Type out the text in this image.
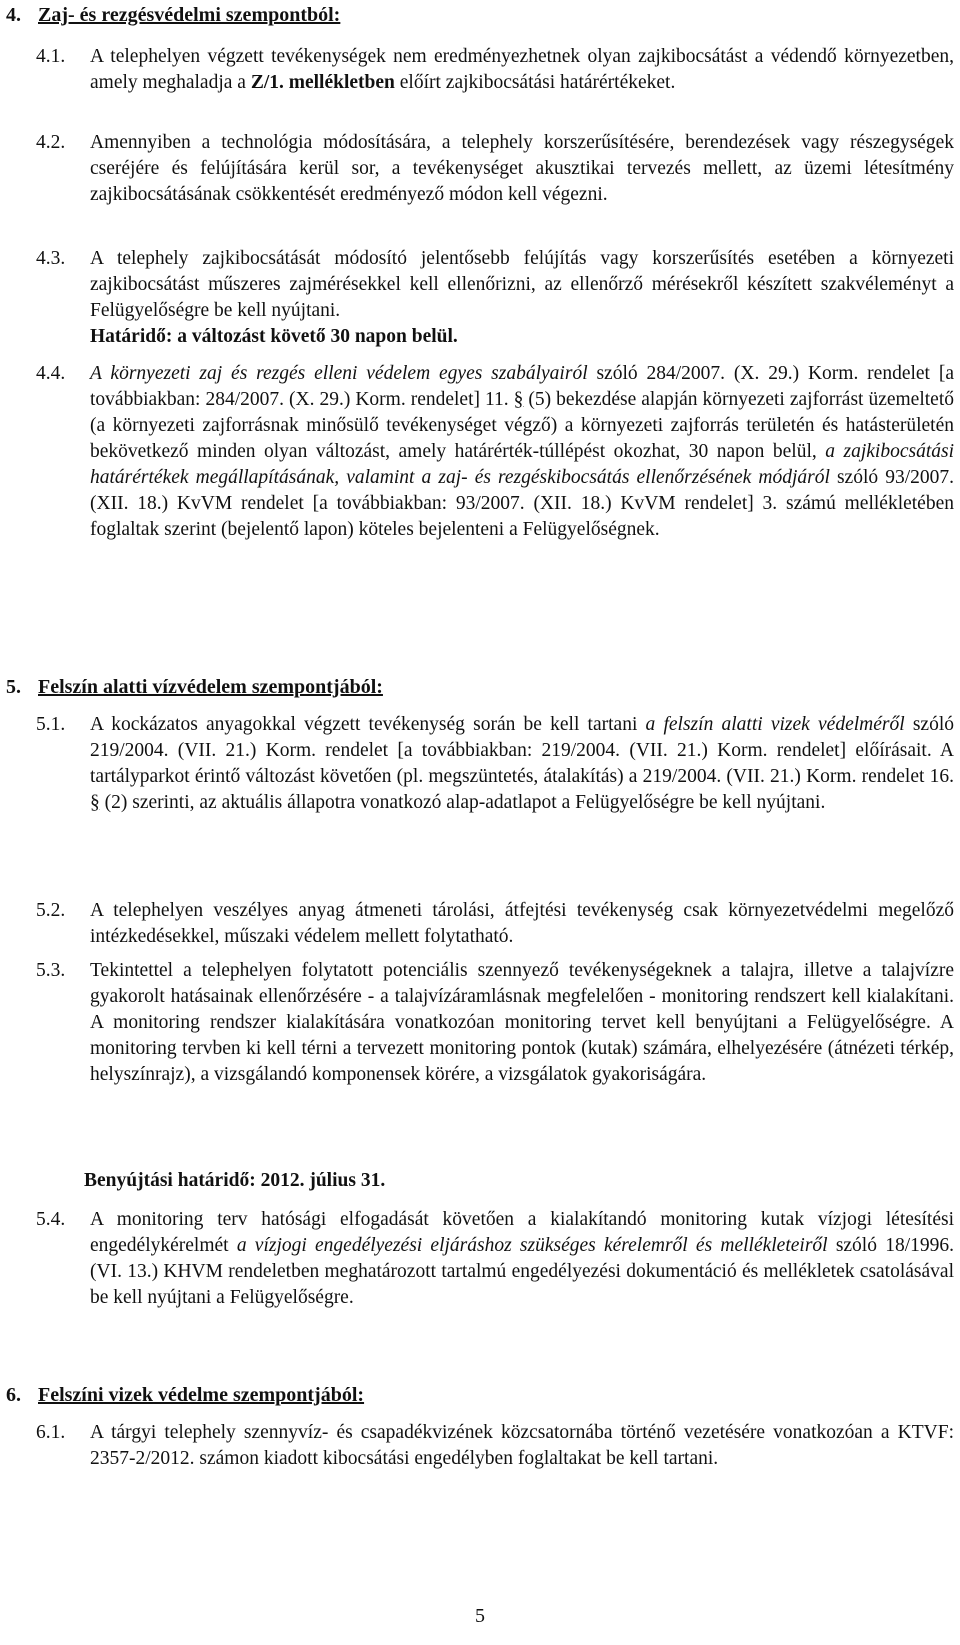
4. Zaj- és rezgésvédelmi szempontból:
4.1. A telephelyen végzett tevékenységek nem eredményezhetnek olyan zajkibocsátást a védendő környezetben, amely meghaladja a Z/1. mellékletben előírt zajkibocsátási határértékeket.
4.2. Amennyiben a technológia módosítására, a telephely korszerűsítésére, berendezések vagy részegységek cseréjére és felújítására kerül sor, a tevékenységet akusztikai tervezés mellett, az üzemi létesítmény zajkibocsátásának csökkentését eredményező módon kell végezni.
4.3. A telephely zajkibocsátását módosító jelentősebb felújítás vagy korszerűsítés esetében a környezeti zajkibocsátást műszeres zajmérésekkel kell ellenőrizni, az ellenőrző mérésekről készített szakvéleményt a Felügyelőségre be kell nyújtani.
Határidő: a változást követő 30 napon belül.
4.4. A környezeti zaj és rezgés elleni védelem egyes szabályairól szóló 284/2007. (X. 29.) Korm. rendelet [a továbbiakban: 284/2007. (X. 29.) Korm. rendelet] 11. § (5) bekezdése alapján környezeti zajforrást üzemeltető (a környezeti zajforrásnak minősülő tevékenységet végző) a környezeti zajforrás területén és hatásterületén bekövetkező minden olyan változást, amely határérték-túllépést okozhat, 30 napon belül, a zajkibocsátási határértékek megállapításának, valamint a zaj- és rezgéskibocsátás ellenőrzésének módjáról szóló 93/2007. (XII. 18.) KvVM rendelet [a továbbiakban: 93/2007. (XII. 18.) KvVM rendelet] 3. számú mellékletében foglaltak szerint (bejelentő lapon) köteles bejelenteni a Felügyelőségnek.
5. Felszín alatti vízvédelem szempontjából:
5.1. A kockázatos anyagokkal végzett tevékenység során be kell tartani a felszín alatti vizek védelméről szóló 219/2004. (VII. 21.) Korm. rendelet [a továbbiakban: 219/2004. (VII. 21.) Korm. rendelet] előírásait. A tartályparkot érintő változást követően (pl. megszüntetés, átalakítás) a 219/2004. (VII. 21.) Korm. rendelet 16. § (2) szerinti, az aktuális állapotra vonatkozó alap-adatlapot a Felügyelőségre be kell nyújtani.
5.2. A telephelyen veszélyes anyag átmeneti tárolási, átfejtési tevékenység csak környezetvédelmi megelőző intézkedésekkel, műszaki védelem mellett folytatható.
5.3. Tekintettel a telephelyen folytatott potenciális szennyező tevékenységeknek a talajra, illetve a talajvízre gyakorolt hatásainak ellenőrzésére - a talajvízáramlásnak megfelelően - monitoring rendszert kell kialakítani. A monitoring rendszer kialakítására vonatkozóan monitoring tervet kell benyújtani a Felügyelőségre. A monitoring tervben ki kell térni a tervezett monitoring pontok (kutak) számára, elhelyezésére (átnézeti térkép, helyszínrajz), a vizsgálandó komponensek körére, a vizsgálatok gyakoriságára.
Benyújtási határidő: 2012. július 31.
5.4. A monitoring terv hatósági elfogadását követően a kialakítandó monitoring kutak vízjogi létesítési engedélykérelmét a vízjogi engedélyezési eljáráshoz szükséges kérelemről és mellékleteiről szóló 18/1996. (VI. 13.) KHVM rendeletben meghatározott tartalmú engedélyezési dokumentáció és mellékletek csatolásával be kell nyújtani a Felügyelőségre.
6. Felszíni vizek védelme szempontjából:
6.1. A tárgyi telephely szennyvíz- és csapadékvizének közcsatornába történő vezetésére vonatkozóan a KTVF: 2357-2/2012. számon kiadott kibocsátási engedélyben foglaltakat be kell tartani.
5
